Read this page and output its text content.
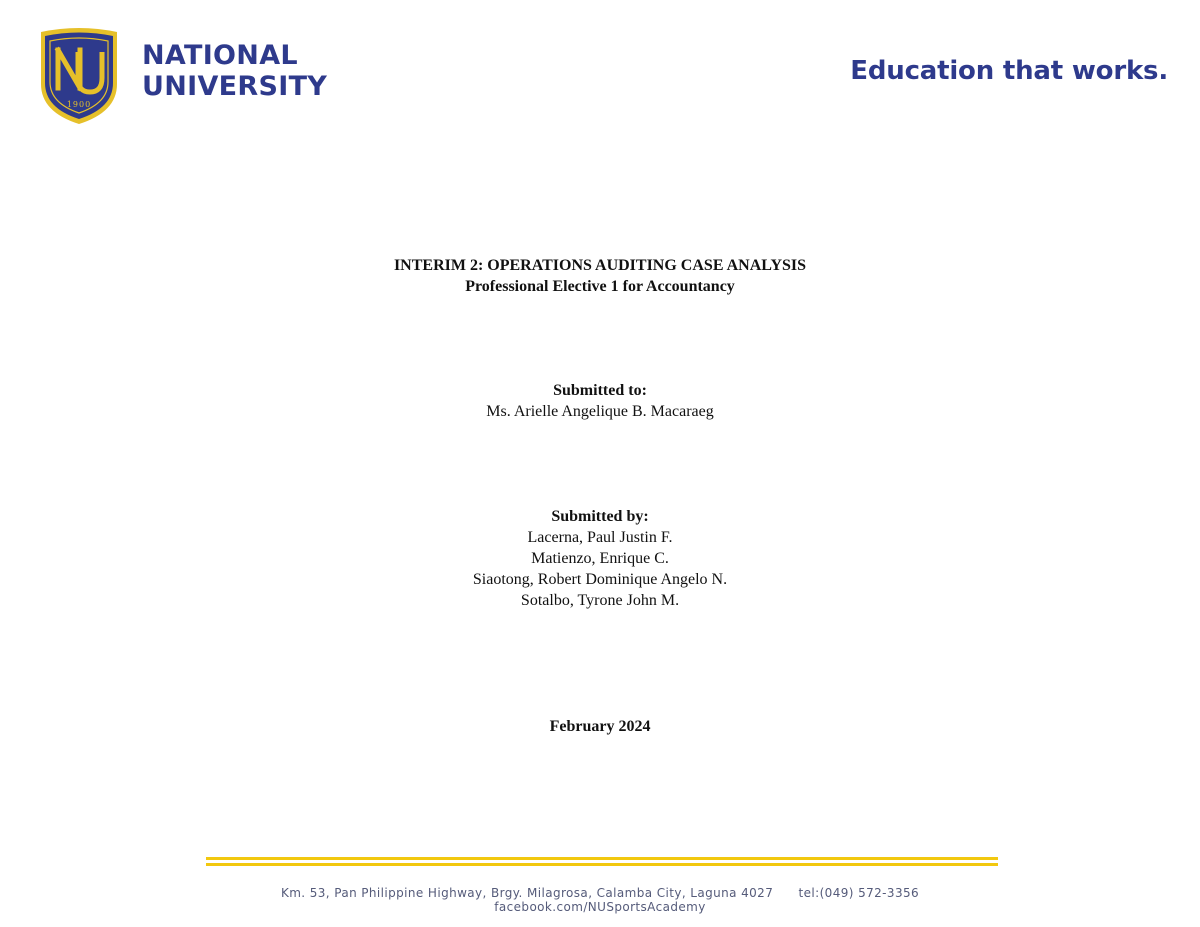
1900
NATIONAL
UNIVERSITY	Education that works.
INTERIM 2: OPERATIONS AUDITING CASE ANALYSIS
Professional Elective 1 for Accountancy
Submitted to:
Ms. Arielle Angelique B. Macaraeg
Submitted by:
Lacerna, Paul Justin F.
Matienzo, Enrique C.
Siaotong, Robert Dominique Angelo N.
Sotalbo, Tyrone John M.
February 2024
Km. 53, Pan Philippine Highway, Brgy. Milagrosa, Calamba City, Laguna 4027 tel:(049) 572-3356
facebook.com/NUSportsAcademy
